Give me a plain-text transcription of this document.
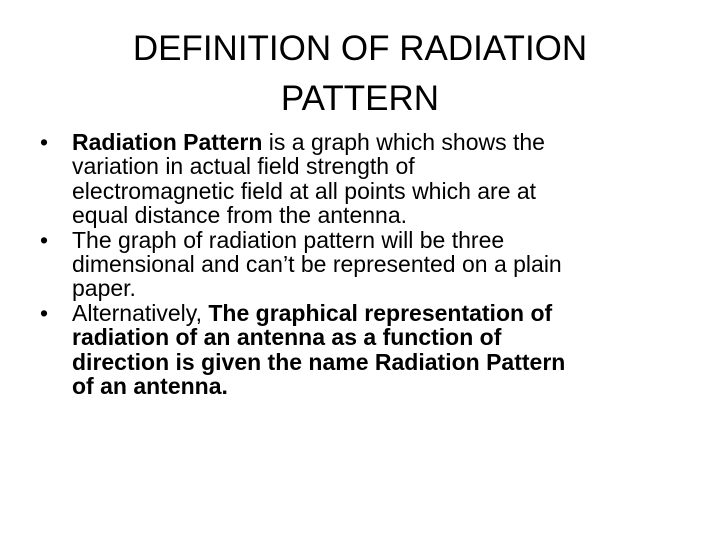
DEFINITION OF RADIATION
PATTERN
•	Radiation Pattern is a graph which shows the
variation in actual field strength of
electromagnetic field at all points which are at
equal distance from the antenna.
•	The graph of radiation pattern will be three
dimensional and can’t be represented on a plain
paper.
•	Alternatively, The graphical representation of
radiation of an antenna as a function of
direction is given the name Radiation Pattern
of an antenna.
